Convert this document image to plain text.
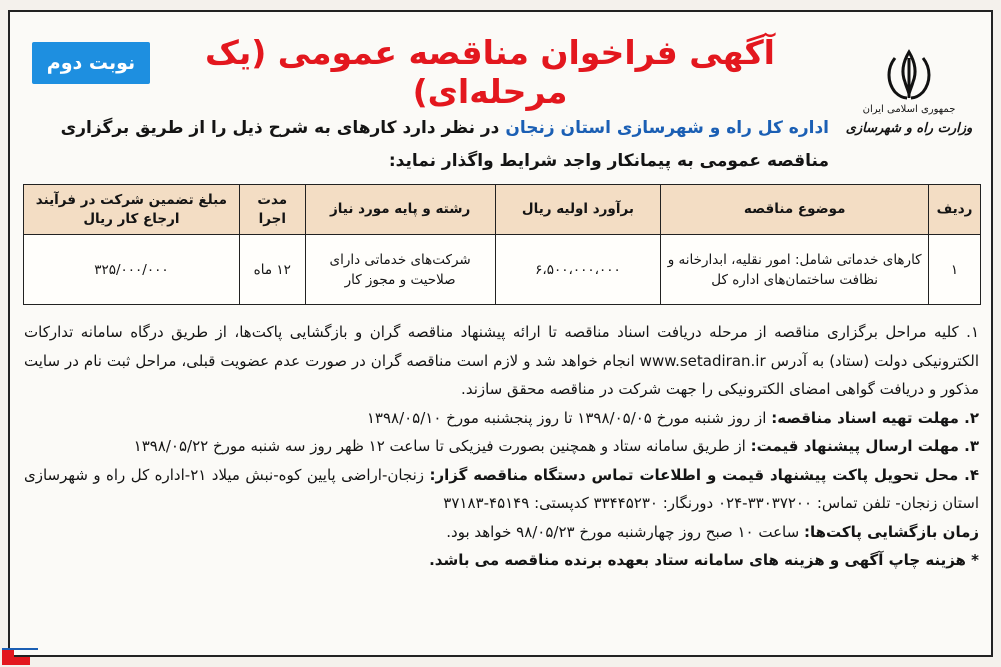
نوبت دوم	آگهی فراخوان مناقصه عمومی (یک مرحله‌ای)	جمهوری اسلامی ایران
وزارت راه و شهرسازی
اداره کل راه و شهرسازی استان زنجان در نظر دارد کارهای به شرح ذیل را از طریق برگزاری مناقصه عمومی به پیمانکار واجد شرایط واگذار نماید:
ردیف	موضوع مناقصه	برآورد اولیه ریال	رشته و پایه مورد نیاز	مدت اجرا	مبلغ تضمین شرکت در فرآیند ارجاع کار ریال
۱	کارهای خدماتی شامل: امور نقلیه، ابدارخانه و نظافت ساختمان‌های اداره کل	۶،۵۰۰،۰۰۰،۰۰۰	شرکت‌های خدماتی دارای صلاحیت و مجوز کار	۱۲ ماه	۳۲۵/۰۰۰/۰۰۰

۱. کلیه مراحل برگزاری مناقصه از مرحله دریافت اسناد مناقصه تا ارائه پیشنهاد مناقصه گران و بازگشایی پاکت‌ها، از طریق درگاه سامانه تدارکات الکترونیکی دولت (ستاد) به آدرس www.setadiran.ir انجام خواهد شد و لازم است مناقصه گران در صورت عدم عضویت قبلی، مراحل ثبت نام در سایت مذکور و دریافت گواهی امضای الکترونیکی را جهت شرکت در مناقصه محقق سازند.

۲. مهلت تهیه اسناد مناقصه: از روز شنبه مورخ ۱۳۹۸/۰۵/۰۵ تا روز پنجشنبه مورخ ۱۳۹۸/۰۵/۱۰

۳. مهلت ارسال پیشنهاد قیمت: از طریق سامانه ستاد و همچنین بصورت فیزیکی تا ساعت ۱۲ ظهر روز سه شنبه مورخ ۱۳۹۸/۰۵/۲۲

۴. محل تحویل پاکت پیشنهاد قیمت و اطلاعات تماس دستگاه مناقصه گزار: زنجان-اراضی پایین کوه-نبش میلاد ۲۱-اداره کل راه و شهرسازی استان زنجان- تلفن تماس: ۳۳۰۳۷۲۰۰-۰۲۴ دورنگار: ۳۳۴۴۵۲۳۰ کدپستی: ۴۵۱۴۹-۳۷۱۸۳

زمان بازگشایی پاکت‌ها: ساعت ۱۰ صبح روز چهارشنبه مورخ ۹۸/۰۵/۲۳ خواهد بود.

* هزینه چاپ آگهی و هزینه های سامانه ستاد بعهده برنده مناقصه می باشد.
